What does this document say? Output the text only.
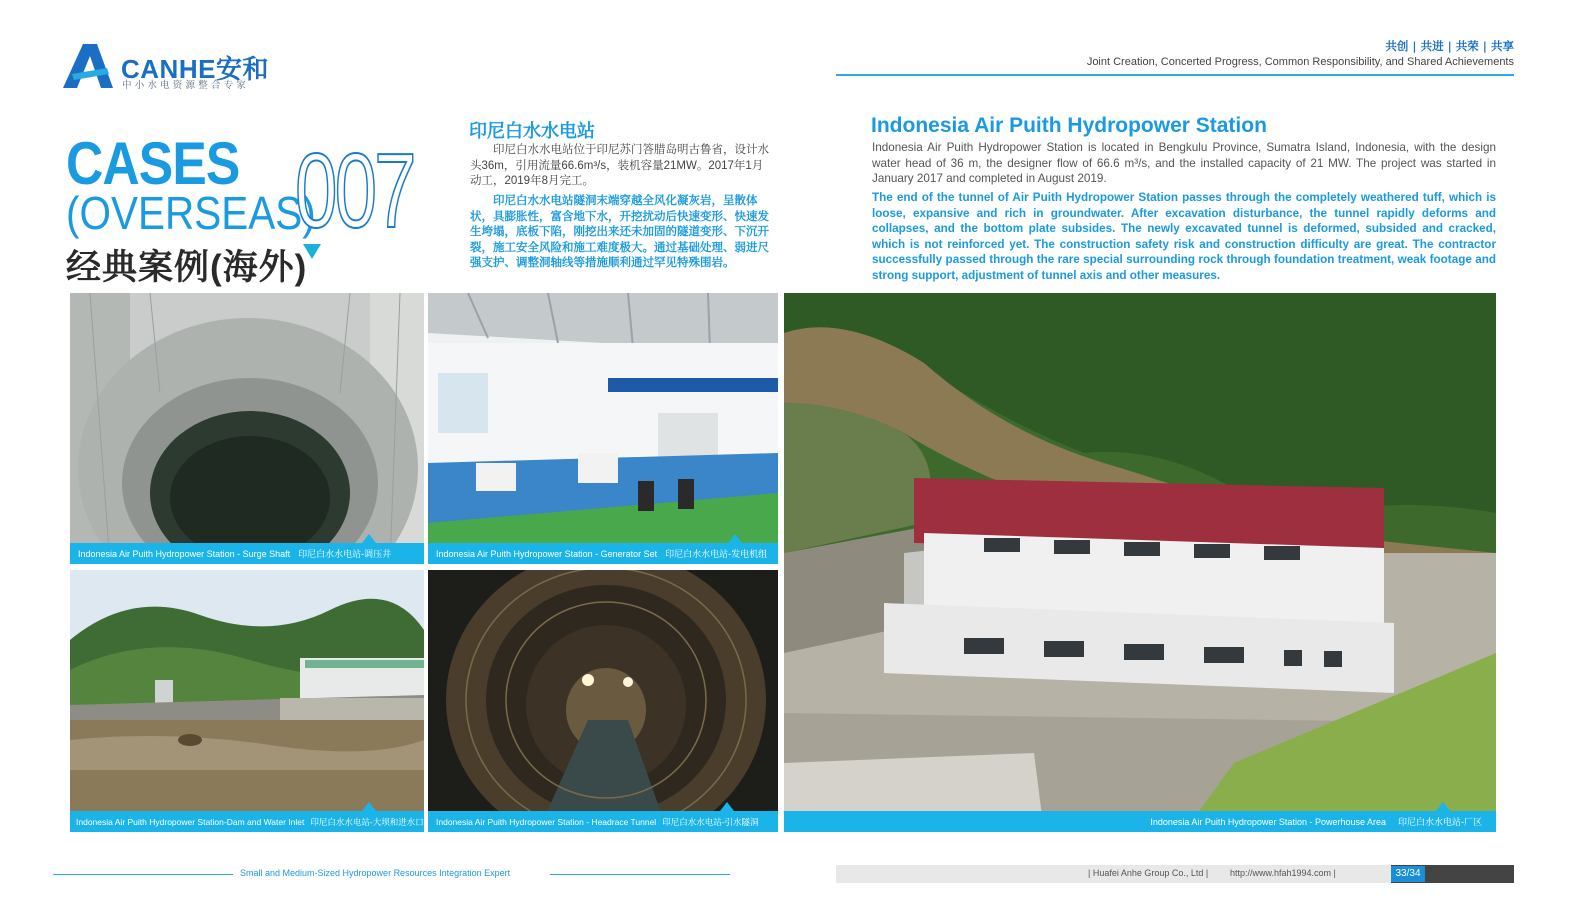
CANHE安和
中小水电资源整合专家
共创 | 共进 | 共荣 | 共享
Joint Creation, Concerted Progress, Common Responsibility, and Shared Achievements
CASES
(OVERSEAS)
经典案例(海外)
007
印尼白水水电站
印尼白水水电站位于印尼苏门答腊岛明古鲁省，设计水头36m，引用流量66.6m³/s，装机容量21MW。2017年1月动工，2019年8月完工。
印尼白水水电站隧洞末端穿越全风化凝灰岩，呈散体状，具膨胀性，富含地下水，开挖扰动后快速变形、快速发生垮塌，底板下陷，刚挖出来还未加固的隧道变形、下沉开裂，施工安全风险和施工难度极大。通过基础处理、弱进尺强支护、调整洞轴线等措施顺利通过罕见特殊围岩。
Indonesia Air Puith Hydropower Station
Indonesia Air Puith Hydropower Station is located in Bengkulu Province, Sumatra Island, Indonesia, with the design water head of 36 m, the designer flow of 66.6 m³/s, and the installed capacity of 21 MW. The project was started in January 2017 and completed in August 2019.
The end of the tunnel of Air Puith Hydropower Station passes through the completely weathered tuff, which is loose, expansive and rich in groundwater. After excavation disturbance, the tunnel rapidly deforms and collapses, and the bottom plate subsides. The newly excavated tunnel is deformed, subsided and cracked, which is not reinforced yet. The construction safety risk and construction difficulty are great. The contractor successfully passed through the rare special surrounding rock through foundation treatment, weak footage and strong support, adjustment of tunnel axis and other measures.
Indonesia Air Puith Hydropower Station - Surge Shaft 印尼白水水电站-调压井	Indonesia Air Puith Hydropower Station - Generator Set 印尼白水水电站-发电机组
Indonesia Air Puith Hydropower Station-Dam and Water Inlet 印尼白水水电站-大坝和进水口 Indonesia Air Puith Hydropower Station - Headrace Tunnel 印尼白水水电站-引水隧洞	Indonesia Air Puith Hydropower Station - Powerhouse Area 印尼白水水电站-厂区
Small and Medium-Sized Hydropower Resources Integration Expert	| Huafei Anhe Group Co., Ltd | http://www.hfah1994.com |	33/34
